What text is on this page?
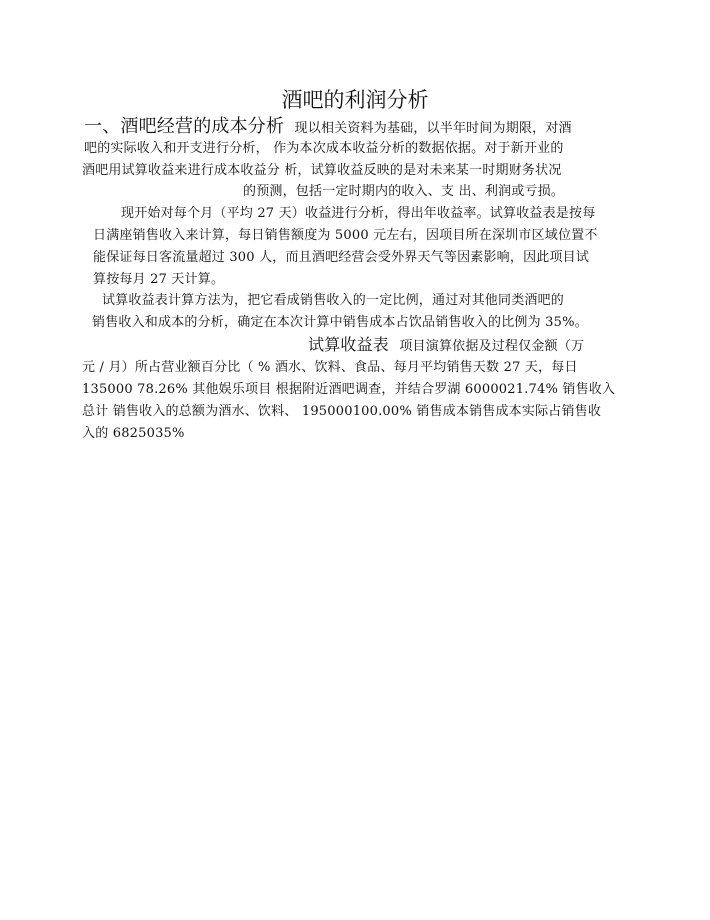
酒吧的利润分析
一、酒吧经营的成本分析 现以相关资料为基础，以半年时间为期限，对酒
吧的实际收入和开支进行分析， 作为本次成本收益分析的数据依据。对于新开业的
酒吧用试算收益来进行成本收益分 析，试算收益反映的是对未来某一时期财务状况
的预测，包括一定时期内的收入、支 出、利润或亏损。
现开始对每个月（平均 27 天）收益进行分析，得出年收益率。试算收益表是按每
日满座销售收入来计算，每日销售额度为 5000 元左右，因项目所在深圳市区域位置不
能保证每日客流量超过 300 人，而且酒吧经营会受外界天气等因素影响，因此项目试
算按每月 27 天计算。
试算收益表计算方法为，把它看成销售收入的一定比例，通过对其他同类酒吧的
销售收入和成本的分析，确定在本次计算中销售成本占饮品销售收入的比例为 35%。
试算收益表 项目演算依据及过程仅金额（万
元 / 月）所占营业额百分比（ % 酒水、饮料、食品、每月平均销售天数 27 天，每日
135000 78.26% 其他娱乐项目 根据附近酒吧调查，并结合罗湖 6000021.74% 销售收入
总计 销售收入的总额为酒水、饮料、 195000100.00% 销售成本销售成本实际占销售收
入的 6825035%
